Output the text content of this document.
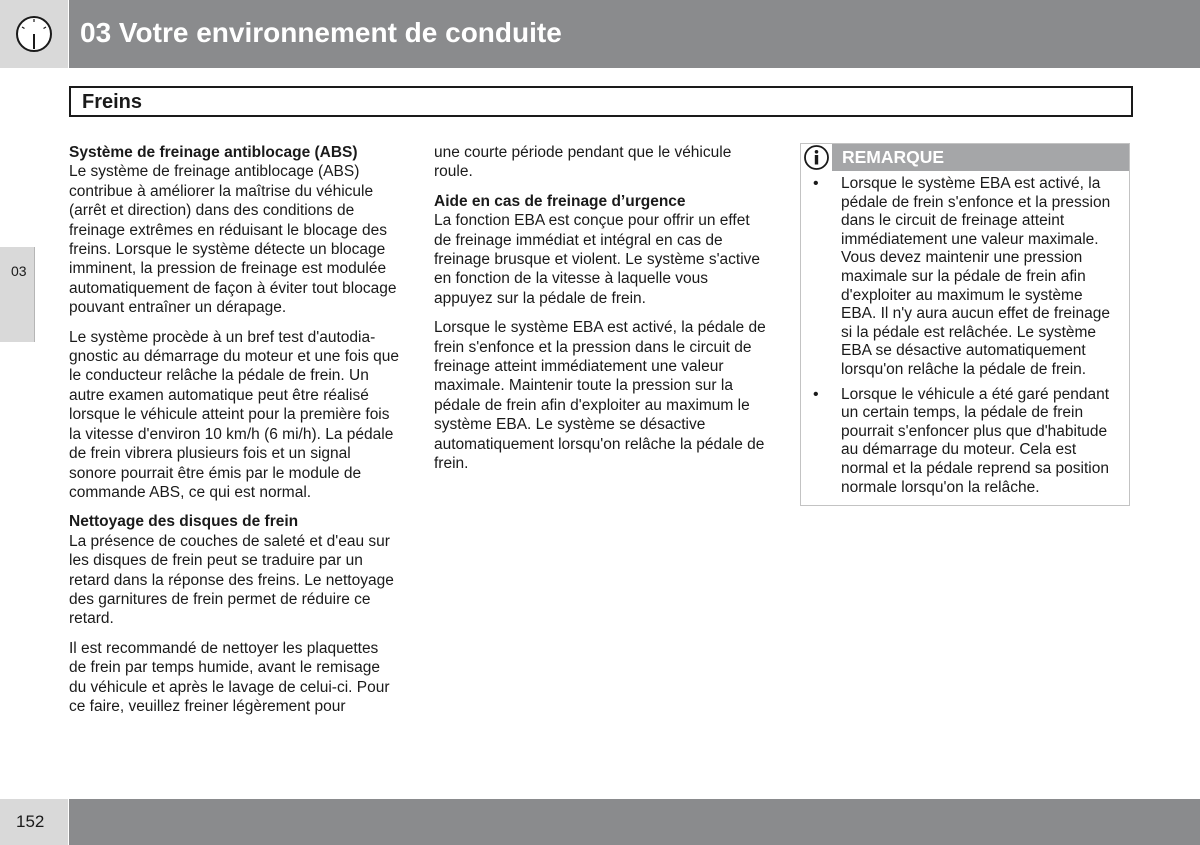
03 Votre environnement de conduite
Freins
03
Système de freinage antiblocage (ABS)

Le système de freinage antiblocage (ABS) contribue à améliorer la maîtrise du véhicule (arrêt et direction) dans des conditions de freinage extrêmes en réduisant le blocage des freins. Lorsque le système détecte un blocage imminent, la pression de freinage est modulée automatiquement de façon à éviter tout blocage pouvant entraîner un dérapage.

Le système procède à un bref test d'autodiagnostic au démarrage du moteur et une fois que le conducteur relâche la pédale de frein. Un autre examen automatique peut être réalisé lorsque le véhicule atteint pour la première fois la vitesse d'environ 10 km/h (6 mi/h). La pédale de frein vibrera plusieurs fois et un signal sonore pourrait être émis par le module de commande ABS, ce qui est normal.

Nettoyage des disques de frein

La présence de couches de saleté et d'eau sur les disques de frein peut se traduire par un retard dans la réponse des freins. Le nettoyage des garnitures de frein permet de réduire ce retard.

Il est recommandé de nettoyer les plaquettes de frein par temps humide, avant le remisage du véhicule et après le lavage de celui-ci. Pour ce faire, veuillez freiner légèrement pour

une courte période pendant que le véhicule roule.

Aide en cas de freinage d’urgence

La fonction EBA est conçue pour offrir un effet de freinage immédiat et intégral en cas de freinage brusque et violent. Le système s'active en fonction de la vitesse à laquelle vous appuyez sur la pédale de frein.

Lorsque le système EBA est activé, la pédale de frein s'enfonce et la pression dans le circuit de freinage atteint immédiatement une valeur maximale. Maintenir toute la pression sur la pédale de frein afin d'exploiter au maximum le système EBA. Le système se désactive automatiquement lorsqu'on relâche la pédale de frein.

REMARQUE
• Lorsque le système EBA est activé, la pédale de frein s'enfonce et la pression dans le circuit de freinage atteint immédiatement une valeur maximale. Vous devez maintenir une pression maximale sur la pédale de frein afin d'exploiter au maximum le système EBA. Il n'y aura aucun effet de freinage si la pédale est relâchée. Le système EBA se désactive automatiquement lorsqu'on relâche la pédale de frein.
• Lorsque le véhicule a été garé pendant un certain temps, la pédale de frein pourrait s'enfoncer plus que d'habitude au démarrage du moteur. Cela est normal et la pédale reprend sa position normale lorsqu'on la relâche.
152
